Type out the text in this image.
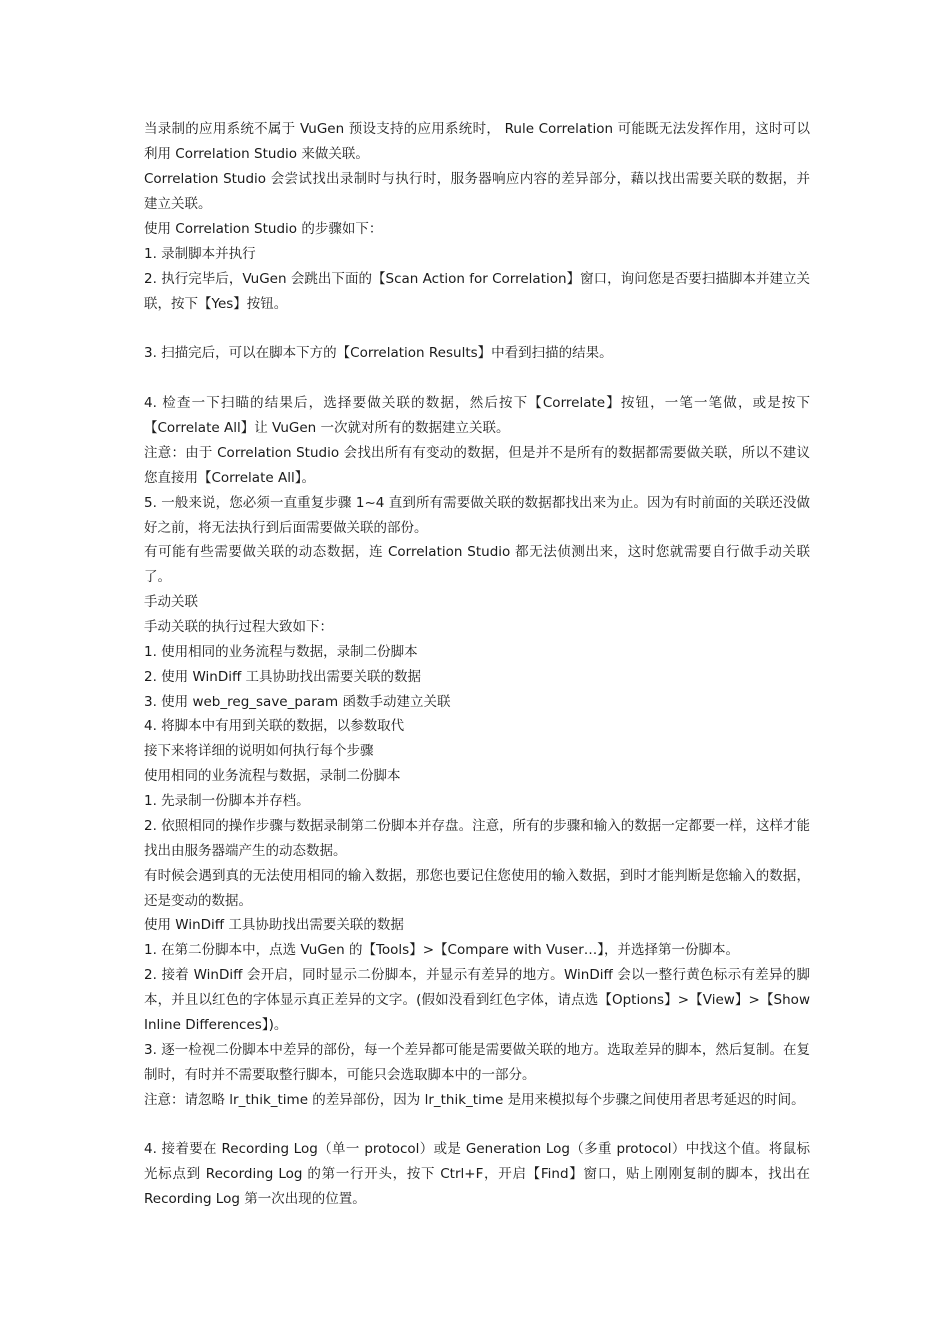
当录制的应用系统不属于 VuGen 预设支持的应用系统时， Rule Correlation 可能既无法发挥作用，这时可以利用 Correlation Studio 来做关联。

Correlation Studio 会尝试找出录制时与执行时，服务器响应内容的差异部分，藉以找出需要关联的数据，并建立关联。

使用 Correlation Studio 的步骤如下：

1. 录制脚本并执行

2. 执行完毕后，VuGen 会跳出下面的【Scan Action for Correlation】窗口，询问您是否要扫描脚本并建立关联，按下【Yes】按钮。

3. 扫描完后，可以在脚本下方的【Correlation Results】中看到扫描的结果。

4. 检查一下扫瞄的结果后，选择要做关联的数据，然后按下【Correlate】按钮，一笔一笔做，或是按下【Correlate All】让 VuGen 一次就对所有的数据建立关联。

注意：由于 Correlation Studio 会找出所有有变动的数据，但是并不是所有的数据都需要做关联，所以不建议您直接用【Correlate All】。

5. 一般来说，您必须一直重复步骤 1~4 直到所有需要做关联的数据都找出来为止。因为有时前面的关联还没做好之前，将无法执行到后面需要做关联的部份。

有可能有些需要做关联的动态数据，连 Correlation Studio 都无法侦测出来，这时您就需要自行做手动关联了。

手动关联

手动关联的执行过程大致如下：

1. 使用相同的业务流程与数据，录制二份脚本

2. 使用 WinDiff 工具协助找出需要关联的数据

3. 使用 web_reg_save_param 函数手动建立关联

4. 将脚本中有用到关联的数据，以参数取代

接下来将详细的说明如何执行每个步骤

使用相同的业务流程与数据，录制二份脚本

1. 先录制一份脚本并存档。

2. 依照相同的操作步骤与数据录制第二份脚本并存盘。注意，所有的步骤和输入的数据一定都要一样，这样才能找出由服务器端产生的动态数据。

有时候会遇到真的无法使用相同的输入数据，那您也要记住您使用的输入数据，到时才能判断是您输入的数据，还是变动的数据。

使用 WinDiff 工具协助找出需要关联的数据

1. 在第二份脚本中，点选 VuGen 的【Tools】>【Compare with Vuser…】，并选择第一份脚本。

2. 接着 WinDiff 会开启，同时显示二份脚本，并显示有差异的地方。WinDiff 会以一整行黄色标示有差异的脚本，并且以红色的字体显示真正差异的文字。(假如没看到红色字体，请点选【Options】>【View】>【Show Inline Differences】)。

3. 逐一检视二份脚本中差异的部份，每一个差异都可能是需要做关联的地方。选取差异的脚本，然后复制。在复制时，有时并不需要取整行脚本，可能只会选取脚本中的一部分。

注意：请忽略 lr_thik_time 的差异部份，因为 lr_thik_time 是用来模拟每个步骤之间使用者思考延迟的时间。

4. 接着要在 Recording Log（单一 protocol）或是 Generation Log（多重 protocol）中找这个值。将鼠标光标点到 Recording Log 的第一行开头，按下 Ctrl+F，开启【Find】窗口，贴上刚刚复制的脚本，找出在 Recording Log 第一次出现的位置。
